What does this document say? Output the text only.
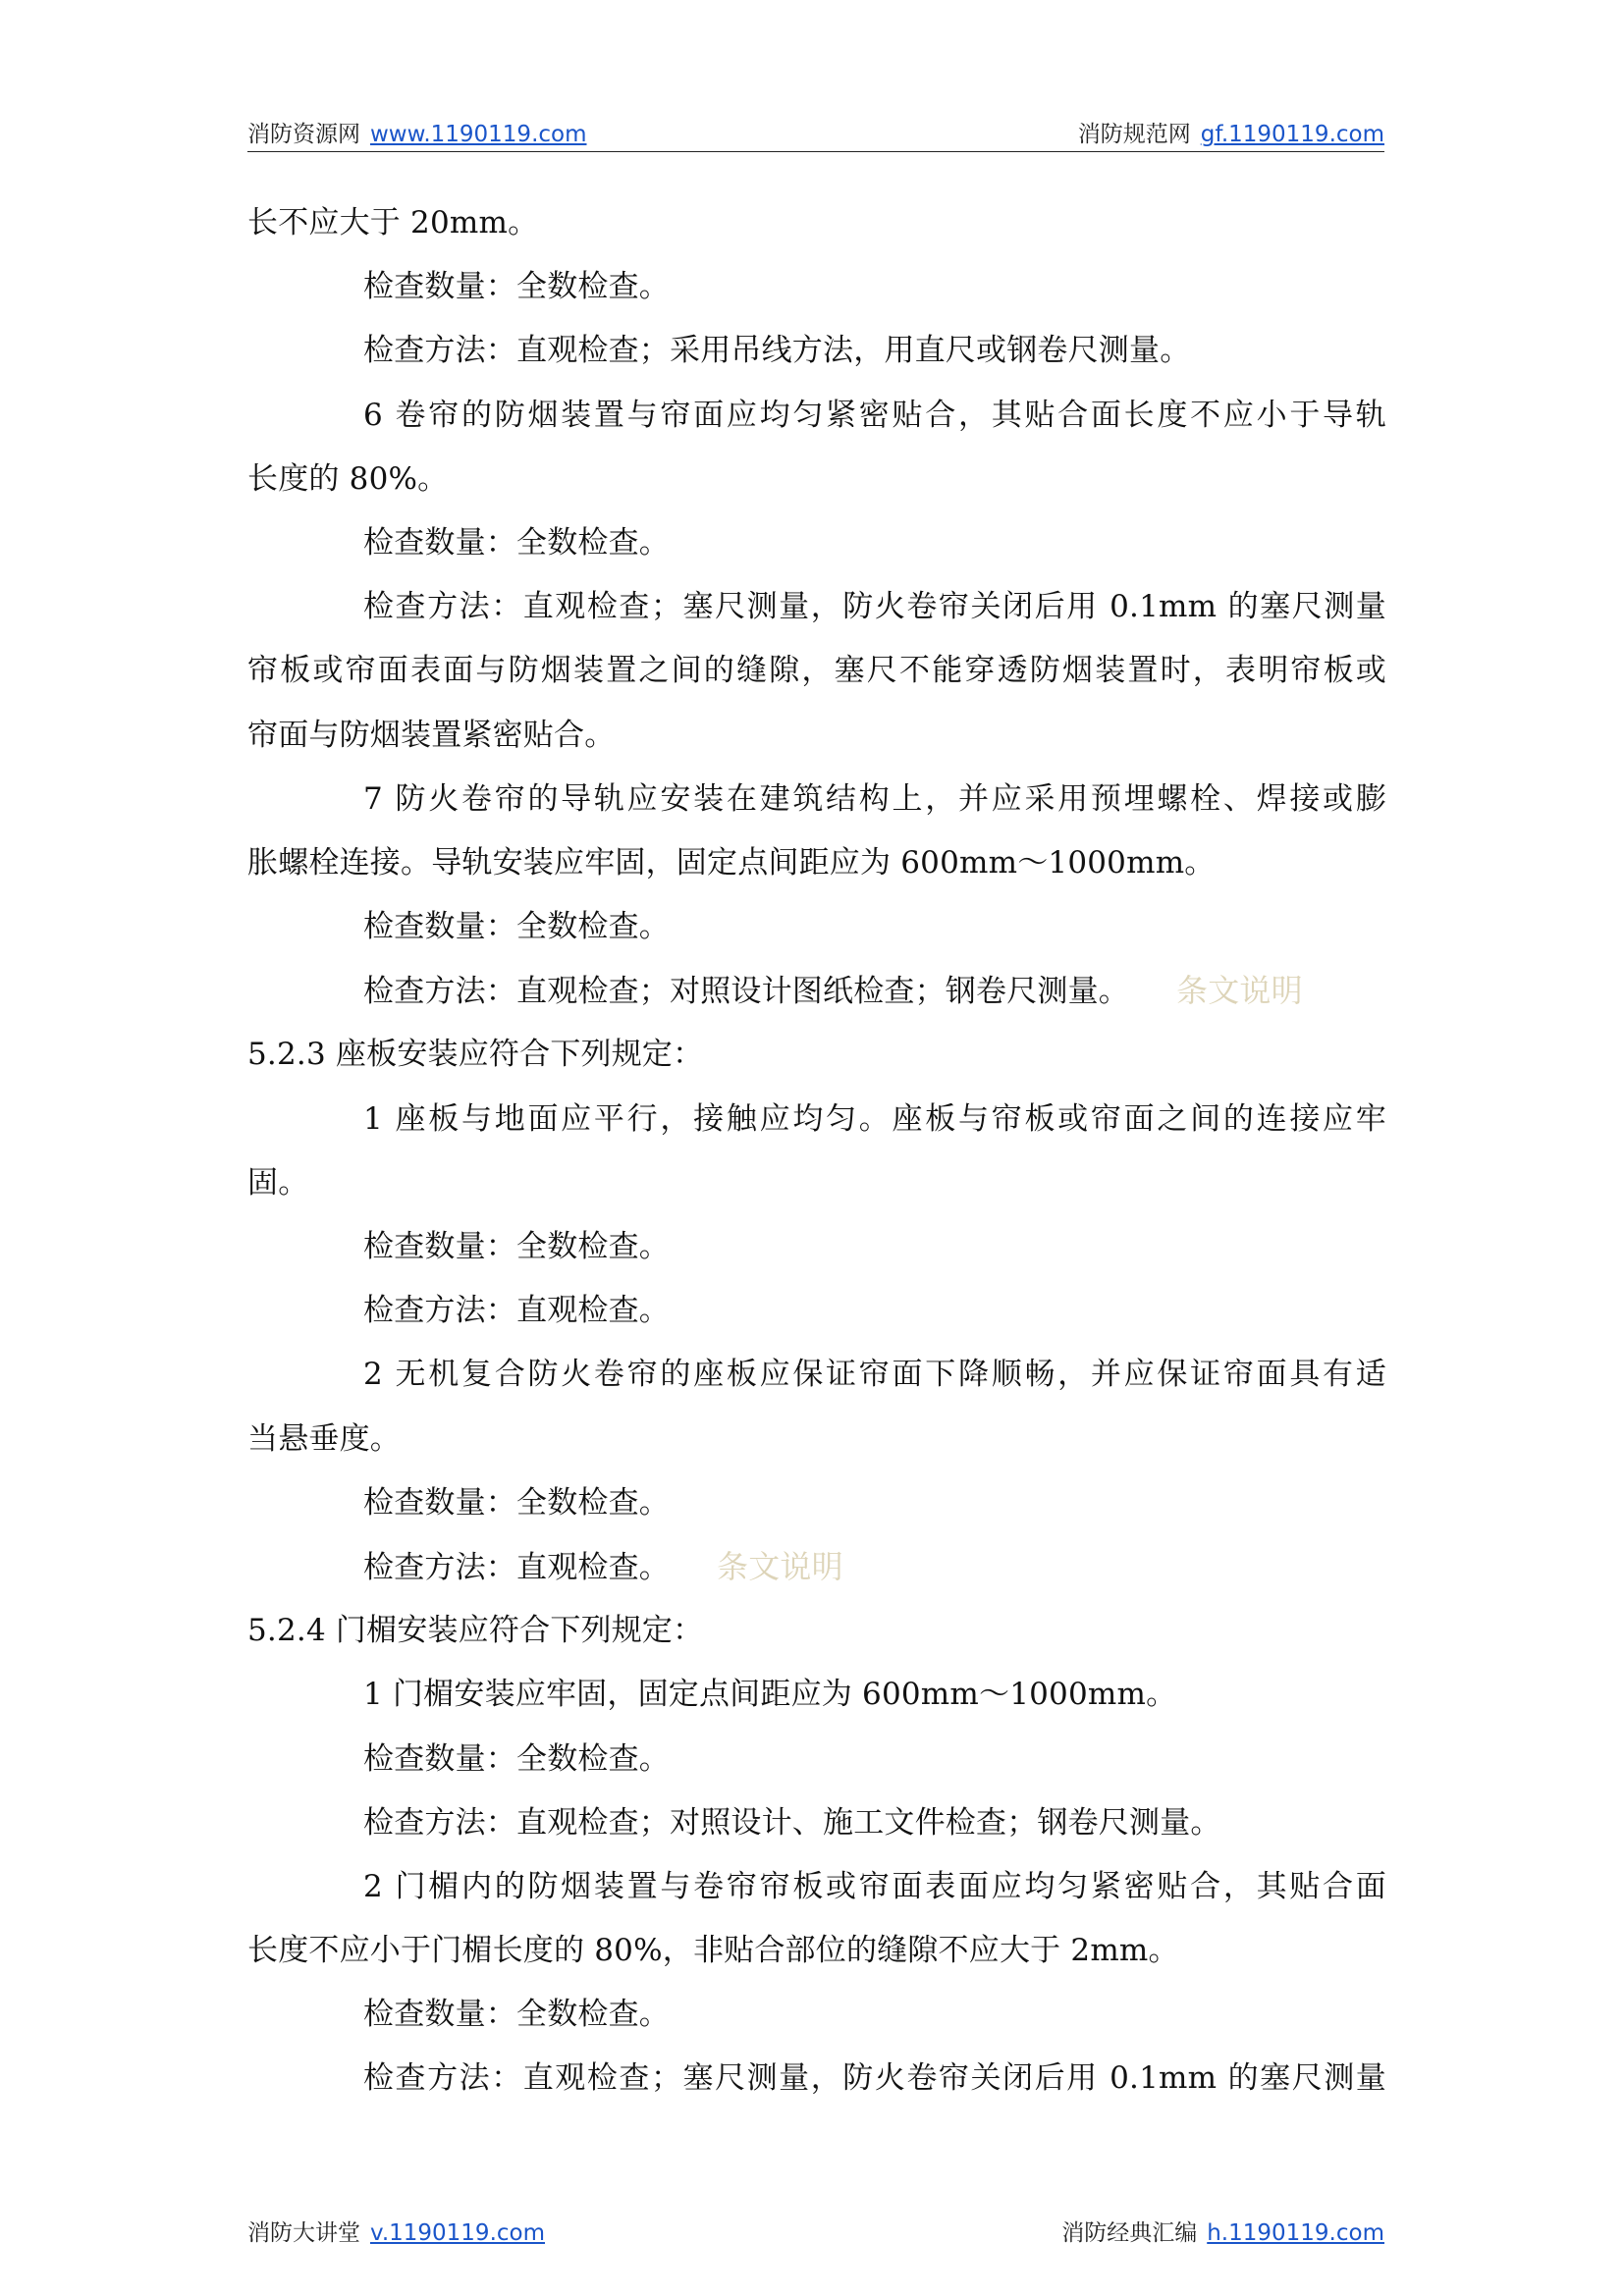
消防资源网 www.1190119.com	消防规范网 gf.1190119.com
长不应大于 20mm。
检查数量：全数检查。
检查方法：直观检查；采用吊线方法，用直尺或钢卷尺测量。
6 卷帘的防烟装置与帘面应均匀紧密贴合，其贴合面长度不应小于导轨
长度的 80%。
检查数量：全数检查。
检查方法：直观检查；塞尺测量，防火卷帘关闭后用 0.1mm 的塞尺测量
帘板或帘面表面与防烟装置之间的缝隙，塞尺不能穿透防烟装置时，表明帘板或
帘面与防烟装置紧密贴合。
7 防火卷帘的导轨应安装在建筑结构上，并应采用预埋螺栓、焊接或膨
胀螺栓连接。导轨安装应牢固，固定点间距应为 600mm～1000mm。
检查数量：全数检查。
检查方法：直观检查；对照设计图纸检查；钢卷尺测量。 条文说明
5.2.3 座板安装应符合下列规定：
1 座板与地面应平行，接触应均匀。座板与帘板或帘面之间的连接应牢
固。
检查数量：全数检查。
检查方法：直观检查。
2 无机复合防火卷帘的座板应保证帘面下降顺畅，并应保证帘面具有适
当悬垂度。
检查数量：全数检查。
检查方法：直观检查。 条文说明
5.2.4 门楣安装应符合下列规定：
1 门楣安装应牢固，固定点间距应为 600mm～1000mm。
检查数量：全数检查。
检查方法：直观检查；对照设计、施工文件检查；钢卷尺测量。
2 门楣内的防烟装置与卷帘帘板或帘面表面应均匀紧密贴合，其贴合面
长度不应小于门楣长度的 80%，非贴合部位的缝隙不应大于 2mm。
检查数量：全数检查。
检查方法：直观检查；塞尺测量，防火卷帘关闭后用 0.1mm 的塞尺测量
消防大讲堂 v.1190119.com	消防经典汇编 h.1190119.com
